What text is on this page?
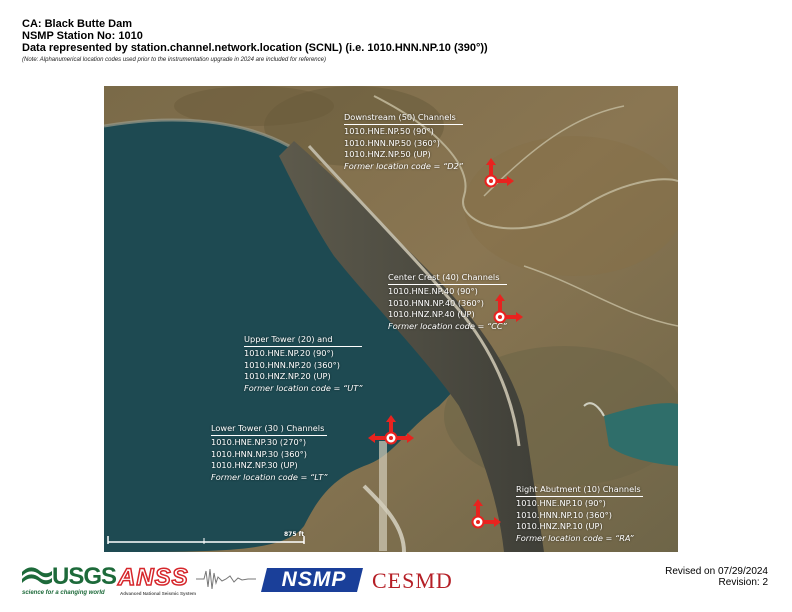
CA: Black Butte Dam
NSMP Station No: 1010
Data represented by station.channel.network.location (SCNL) (i.e. 1010.HNN.NP.10 (390°))
(Note: Alphanumerical location codes used prior to the instrumentation upgrade in 2024 are included for reference)
Downstream (50) Channels
1010.HNE.NP.50 (90°)
1010.HNN.NP.50 (360°)
1010.HNZ.NP.50 (UP)
Former location code = “D2”
Center Crest (40) Channels
1010.HNE.NP.40 (90°)
1010.HNN.NP.40 (360°)
1010.HNZ.NP.40 (UP)
Former location code = “CC”
Upper Tower (20) and
1010.HNE.NP.20 (90°)
1010.HNN.NP.20 (360°)
1010.HNZ.NP.20 (UP)
Former location code = “UT”
Lower Tower (30 ) Channels
1010.HNE.NP.30 (270°)
1010.HNN.NP.30 (360°)
1010.HNZ.NP.30 (UP)
Former location code = “LT”
Right Abutment (10) Channels
1010.HNE.NP.10 (90°)
1010.HNN.NP.10 (360°)
1010.HNZ.NP.10 (UP)
Former location code = “RA”
875 ft
USGS
science for a changing world
ANSS
Advanced National Seismic System
NSMP	CESMD	Revised on 07/29/2024
Revision: 2
